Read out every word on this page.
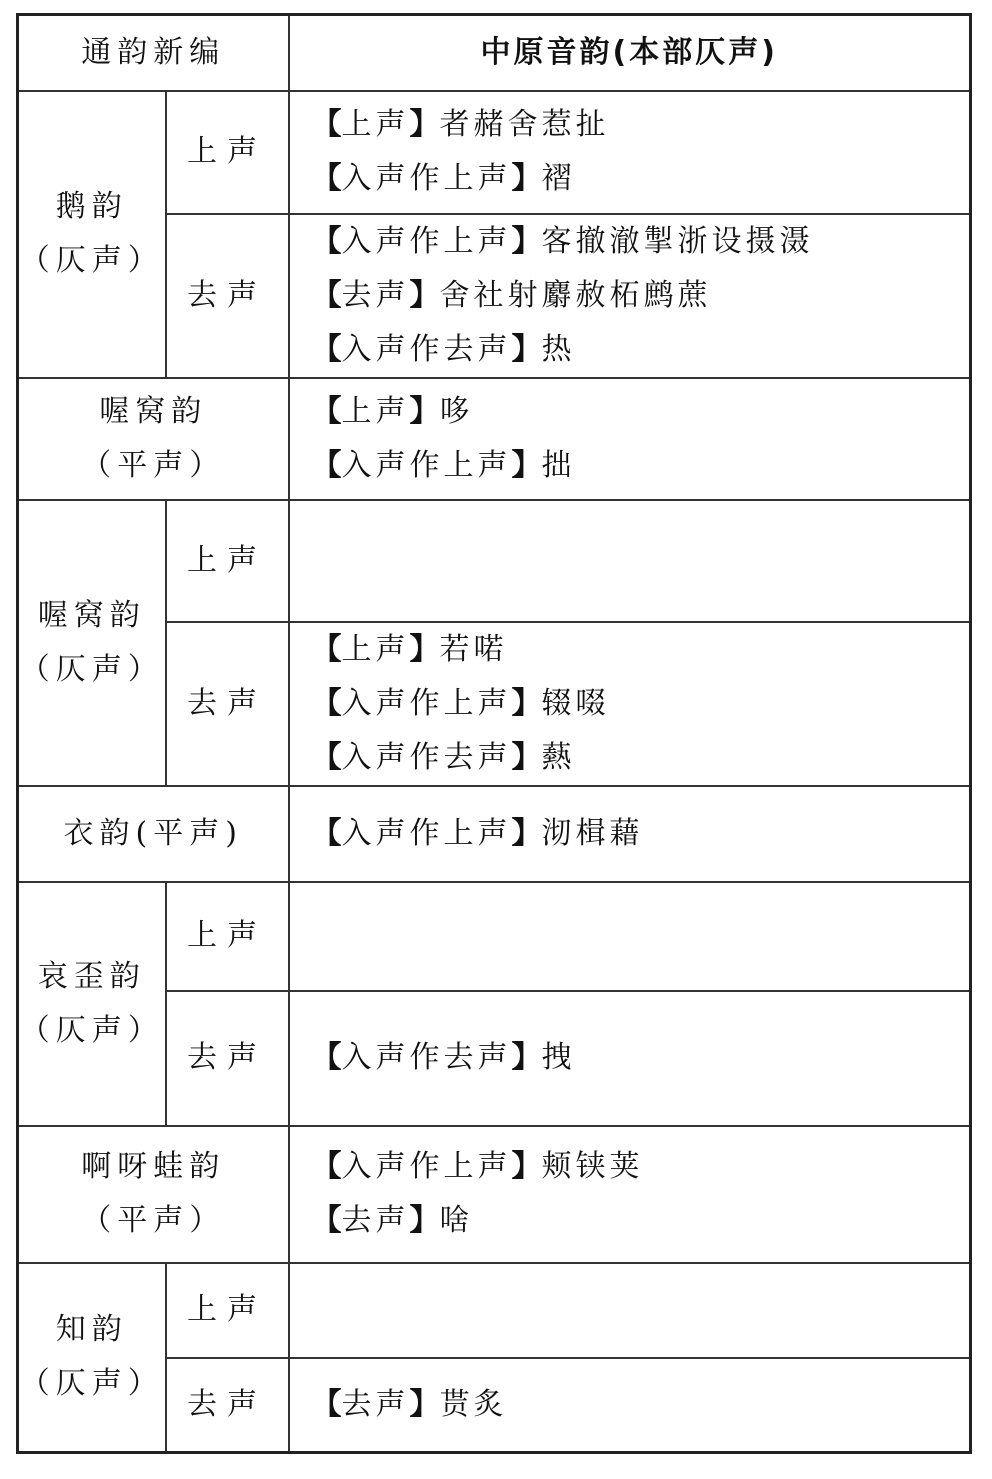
通韵新编		中原音韵(本部仄声)

鹅韵
（仄声）	上声	【上声】者赭舍惹扯
【入声作上声】褶

	去声	【入声作上声】客撤澈掣浙设摄滠
【去声】舍社射麝赦柘鹧蔗
【入声作去声】热

喔窝韵
（平声）		【上声】哆
【入声作上声】拙

喔窝韵
（仄声）	上声	
	去声	【上声】若喏
【入声作上声】辍啜
【入声作去声】爇

衣韵(平声)		【入声作上声】沏楫藉

哀歪韵
（仄声）	上声	
	去声	【入声作去声】拽

啊呀蛙韵
（平声）		【入声作上声】颊铗荚
【去声】啥

知韵
（仄声）	上声	
	去声	【去声】贳炙
